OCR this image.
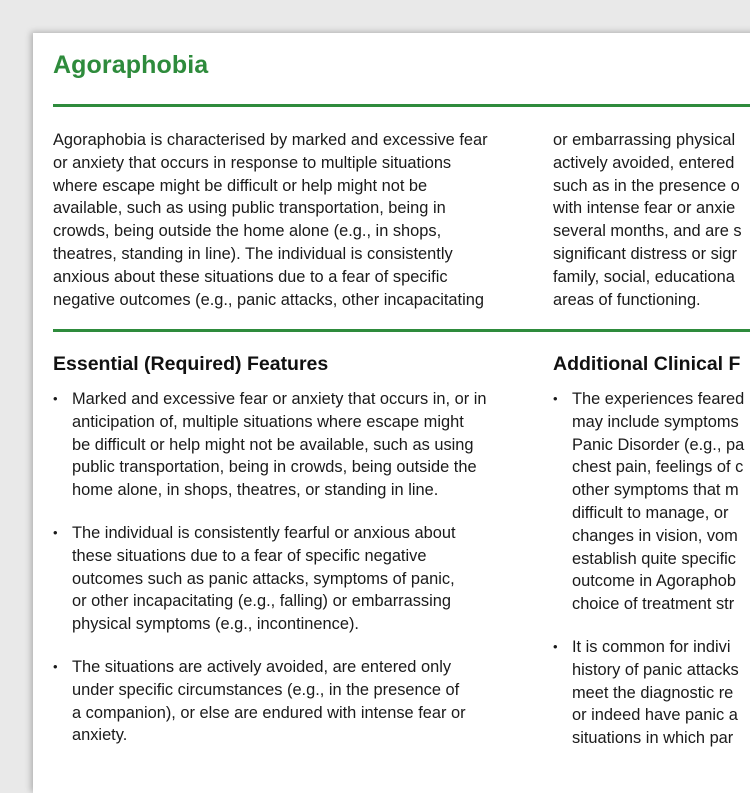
Agoraphobia

Agoraphobia is characterised by marked and excessive fear
or anxiety that occurs in response to multiple situations
where escape might be difficult or help might not be
available, such as using public transportation, being in
crowds, being outside the home alone (e.g., in shops,
theatres, standing in line). The individual is consistently
anxious about these situations due to a fear of specific
negative outcomes (e.g., panic attacks, other incapacitating

or embarrassing physical
actively avoided, entered
such as in the presence o
with intense fear or anxie
several months, and are s
significant distress or sigr
family, social, educationa
areas of functioning.

Essential (Required) Features	Additional Clinical F
• Marked and excessive fear or anxiety that occurs in, or in
anticipation of, multiple situations where escape might
be difficult or help might not be available, such as using
public transportation, being in crowds, being outside the
home alone, in shops, theatres, or standing in line.
• The individual is consistently fearful or anxious about
these situations due to a fear of specific negative
outcomes such as panic attacks, symptoms of panic,
or other incapacitating (e.g., falling) or embarrassing
physical symptoms (e.g., incontinence).
• The situations are actively avoided, are entered only
under specific circumstances (e.g., in the presence of
a companion), or else are endured with intense fear or
anxiety.
• The experiences feared
may include symptoms
Panic Disorder (e.g., pa
chest pain, feelings of c
other symptoms that m
difficult to manage, or
changes in vision, vom
establish quite specific
outcome in Agoraphob
choice of treatment str
• It is common for indivi
history of panic attacks
meet the diagnostic re
or indeed have panic a
situations in which par
